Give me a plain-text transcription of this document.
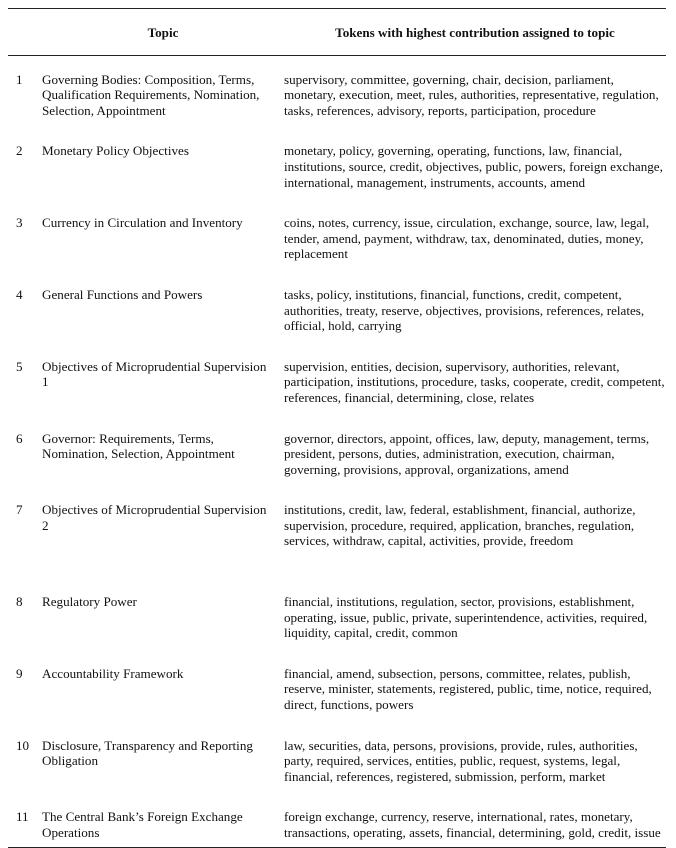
	Topic	Tokens with highest contribution assigned to topic
1	Governing Bodies: Composition, Terms, Qualification Requirements, Nomination, Selection, Appointment	supervisory, committee, governing, chair, decision, parliament, monetary, execution, meet, rules, authorities, representative, regulation, tasks, references, advisory, reports, participation, procedure
2	Monetary Policy Objectives	monetary, policy, governing, operating, functions, law, financial, institutions, source, credit, objectives, public, powers, foreign exchange, international, management, instruments, accounts, amend
3	Currency in Circulation and Inventory	coins, notes, currency, issue, circulation, exchange, source, law, legal, tender, amend, payment, withdraw, tax, denominated, duties, money, replacement
4	General Functions and Powers	tasks, policy, institutions, financial, functions, credit, competent, authorities, treaty, reserve, objectives, provisions, references, relates, official, hold, carrying
5	Objectives of Microprudential Supervision 1	supervision, entities, decision, supervisory, authorities, relevant, participation, institutions, procedure, tasks, cooperate, credit, competent, references, financial, determining, close, relates
6	Governor: Requirements, Terms, Nomination, Selection, Appointment	governor, directors, appoint, offices, law, deputy, management, terms, president, persons, duties, administration, execution, chairman, governing, provisions, approval, organizations, amend
7	Objectives of Microprudential Supervision 2	institutions, credit, law, federal, establishment, financial, authorize, supervision, procedure, required, application, branches, regulation, services, withdraw, capital, activities, provide, freedom
8	Regulatory Power	financial, institutions, regulation, sector, provisions, establishment, operating, issue, public, private, superintendence, activities, required, liquidity, capital, credit, common
9	Accountability Framework	financial, amend, subsection, persons, committee, relates, publish, reserve, minister, statements, registered, public, time, notice, required, direct, functions, powers
10	Disclosure, Transparency and Reporting Obligation	law, securities, data, persons, provisions, provide, rules, authorities, party, required, services, entities, public, request, systems, legal, financial, references, registered, submission, perform, market
11	The Central Bank’s Foreign Exchange Operations	foreign exchange, currency, reserve, international, rates, monetary, transactions, operating, assets, financial, determining, gold, credit, issue
